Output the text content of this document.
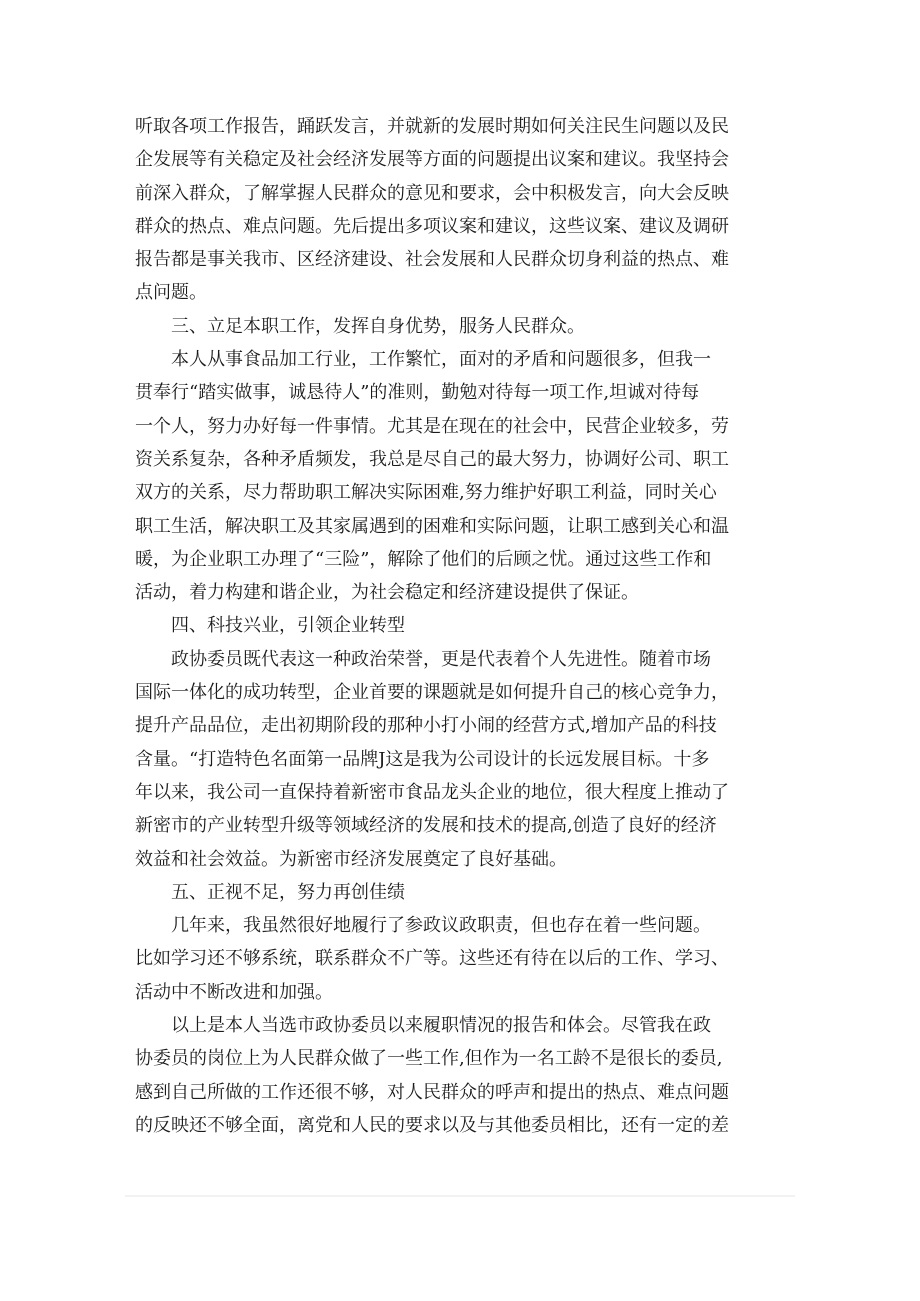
听取各项工作报告，踊跃发言，并就新的发展时期如何关注民生问题以及民
企发展等有关稳定及社会经济发展等方面的问题提出议案和建议。我坚持会
前深入群众，了解掌握人民群众的意见和要求，会中积极发言，向大会反映
群众的热点、难点问题。先后提出多项议案和建议，这些议案、建议及调研
报告都是事关我市、区经济建设、社会发展和人民群众切身利益的热点、难
点问题。
三、立足本职工作，发挥自身优势，服务人民群众。
本人从事食品加工行业，工作繁忙，面对的矛盾和问题很多，但我一
贯奉行“踏实做事，诚恳待人”的准则，勤勉对待每一项工作,坦诚对待每
一个人，努力办好每一件事情。尤其是在现在的社会中，民营企业较多，劳
资关系复杂，各种矛盾频发，我总是尽自己的最大努力，协调好公司、职工
双方的关系，尽力帮助职工解决实际困难,努力维护好职工利益，同时关心
职工生活，解决职工及其家属遇到的困难和实际问题，让职工感到关心和温
暖，为企业职工办理了“三险”，解除了他们的后顾之忧。通过这些工作和
活动，着力构建和谐企业，为社会稳定和经济建设提供了保证。
四、科技兴业，引领企业转型
政协委员既代表这一种政治荣誉，更是代表着个人先进性。随着市场
国际一体化的成功转型，企业首要的课题就是如何提升自己的核心竞争力，
提升产品品位，走出初期阶段的那种小打小闹的经营方式,增加产品的科技
含量。“打造特色名面第一品牌J这是我为公司设计的长远发展目标。十多
年以来，我公司一直保持着新密市食品龙头企业的地位，很大程度上推动了
新密市的产业转型升级等领域经济的发展和技术的提高,创造了良好的经济
效益和社会效益。为新密市经济发展奠定了良好基础。
五、正视不足，努力再创佳绩
几年来，我虽然很好地履行了参政议政职责，但也存在着一些问题。
比如学习还不够系统，联系群众不广等。这些还有待在以后的工作、学习、
活动中不断改进和加强。
以上是本人当选市政协委员以来履职情况的报告和体会。尽管我在政
协委员的岗位上为人民群众做了一些工作,但作为一名工龄不是很长的委员,
感到自己所做的工作还很不够，对人民群众的呼声和提出的热点、难点问题
的反映还不够全面，离党和人民的要求以及与其他委员相比，还有一定的差
